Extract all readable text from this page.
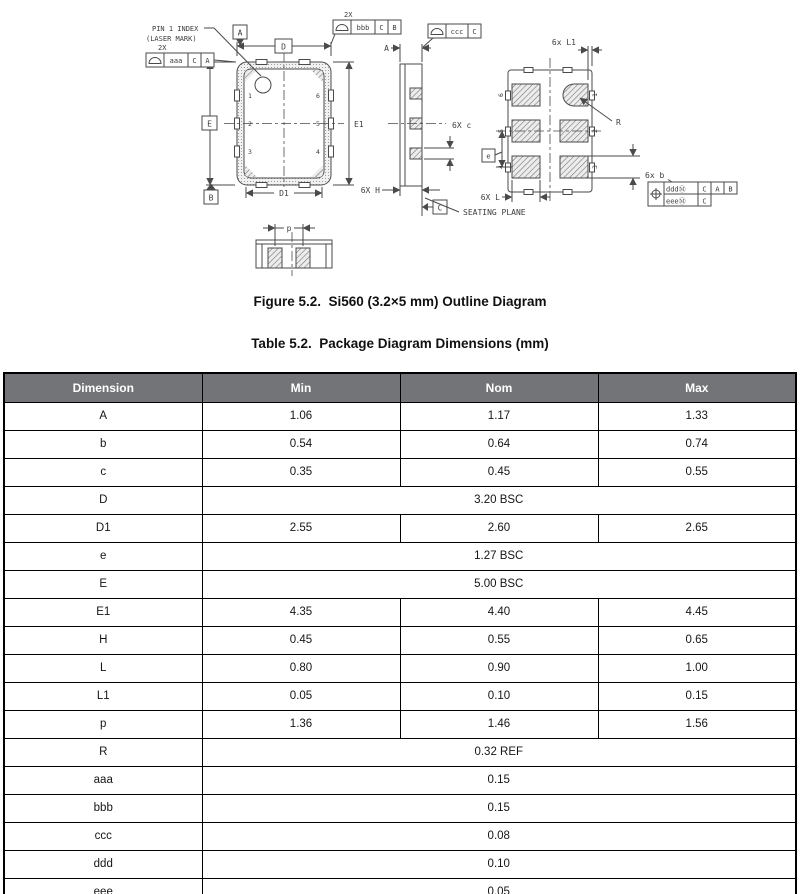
1
2
3
6
5
4
D
A
B
E
2X
aaa C A
2X
bbb C B
PIN 1 INDEX
(LASER MARK)
D1
E1
A
ccc C
6X c
6X H
C	SEATING PLANE
6
5
4
1
2
3
6x L1
R
e
6X L
6x b
dddⓂ C A B
eeeⓂ C
p
Figure 5.2.  Si560 (3.2×5 mm) Outline Diagram
Table 5.2.  Package Diagram Dimensions (mm)
Dimension	Min	Nom	Max
A	1.06	1.17	1.33
b	0.54	0.64	0.74
c	0.35	0.45	0.55
D	3.20 BSC		
D1	2.55	2.60	2.65
e	1.27 BSC		
E	5.00 BSC		
E1	4.35	4.40	4.45
H	0.45	0.55	0.65
L	0.80	0.90	1.00
L1	0.05	0.10	0.15
p	1.36	1.46	1.56
R	0.32 REF		
aaa	0.15		
bbb	0.15		
ccc	0.08		
ddd	0.10		
eee	0.05		
